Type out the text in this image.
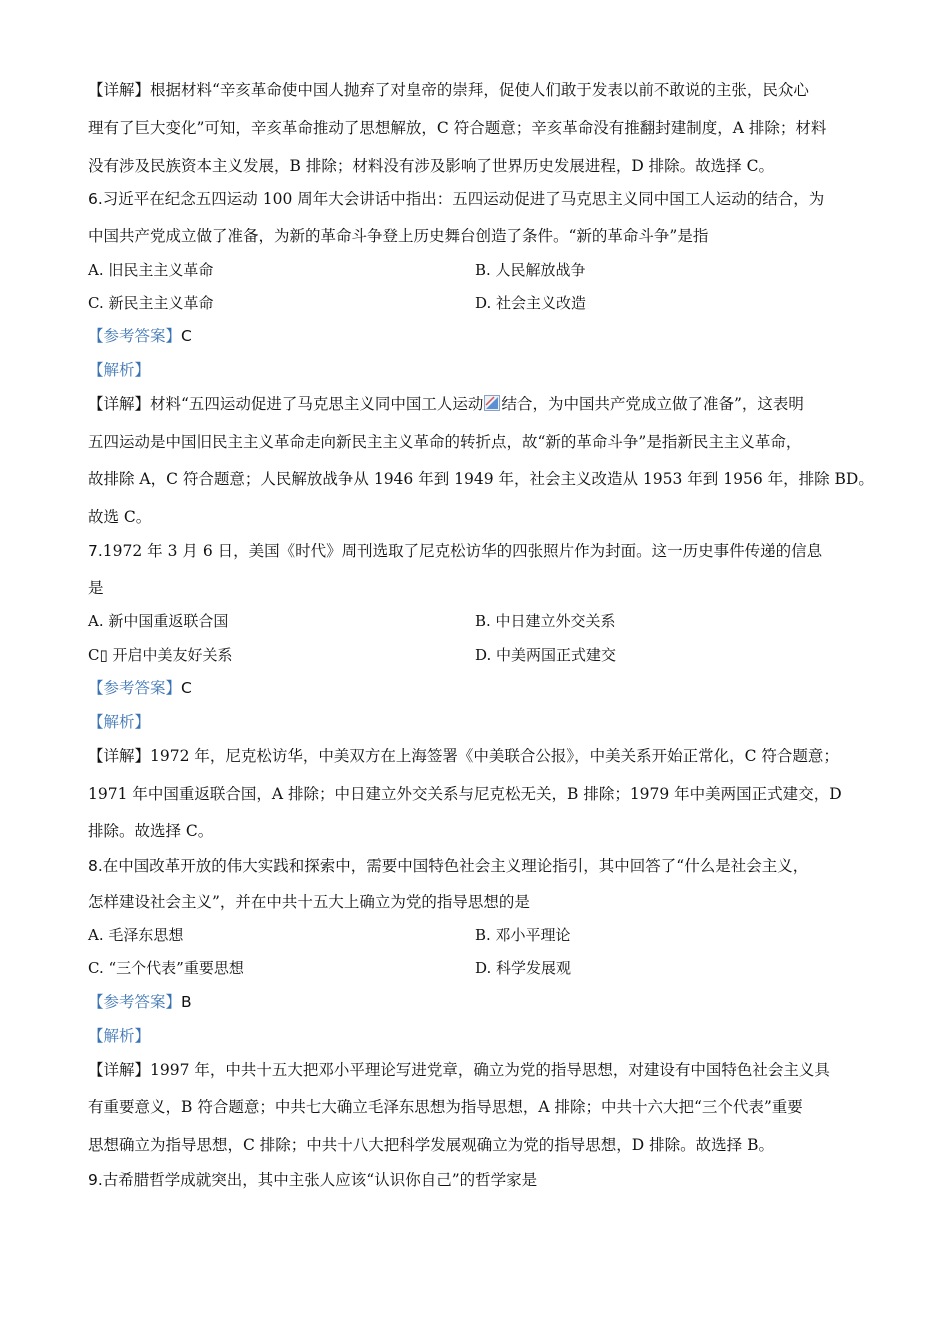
【详解】根据材料“辛亥革命使中国人抛弃了对皇帝的崇拜，促使人们敢于发表以前不敢说的主张，民众心
理有了巨大变化”可知，辛亥革命推动了思想解放，C 符合题意；辛亥革命没有推翻封建制度，A 排除；材料
没有涉及民族资本主义发展，B 排除；材料没有涉及影响了世界历史发展进程，D 排除。故选择 C。
6.习近平在纪念五四运动 100 周年大会讲话中指出：五四运动促进了马克思主义同中国工人运动的结合，为
中国共产党成立做了准备，为新的革命斗争登上历史舞台创造了条件。“新的革命斗争”是指
A. 旧民主主义革命	B. 人民解放战争
C. 新民主主义革命	D. 社会主义改造
【参考答案】C
【解析】
【详解】材料“五四运动促进了马克思主义同中国工人运动 结合，为中国共产党成立做了准备”，这表明
五四运动是中国旧民主主义革命走向新民主主义革命的转折点，故“新的革命斗争”是指新民主主义革命，
故排除 A，C 符合题意；人民解放战争从 1946 年到 1949 年，社会主义改造从 1953 年到 1956 年，排除 BD。
故选 C。
7.1972 年 3 月 6 日，美国《时代》周刊选取了尼克松访华的四张照片作为封面。这一历史事件传递的信息
是
A. 新中国重返联合国	B. 中日建立外交关系
C▯ 开启中美友好关系	D. 中美两国正式建交
【参考答案】C
【解析】
【详解】1972 年，尼克松访华，中美双方在上海签署《中美联合公报》，中美关系开始正常化，C 符合题意；
1971 年中国重返联合国，A 排除；中日建立外交关系与尼克松无关，B 排除；1979 年中美两国正式建交，D
排除。故选择 C。
8.在中国改革开放的伟大实践和探索中，需要中国特色社会主义理论指引，其中回答了“什么是社会主义，
怎样建设社会主义”，并在中共十五大上确立为党的指导思想的是
A. 毛泽东思想	B. 邓小平理论
C. “三个代表”重要思想	D. 科学发展观
【参考答案】B
【解析】
【详解】1997 年，中共十五大把邓小平理论写进党章，确立为党的指导思想，对建设有中国特色社会主义具
有重要意义，B 符合题意；中共七大确立毛泽东思想为指导思想，A 排除；中共十六大把“三个代表”重要
思想确立为指导思想，C 排除；中共十八大把科学发展观确立为党的指导思想，D 排除。故选择 B。
9.古希腊哲学成就突出，其中主张人应该“认识你自己”的哲学家是
